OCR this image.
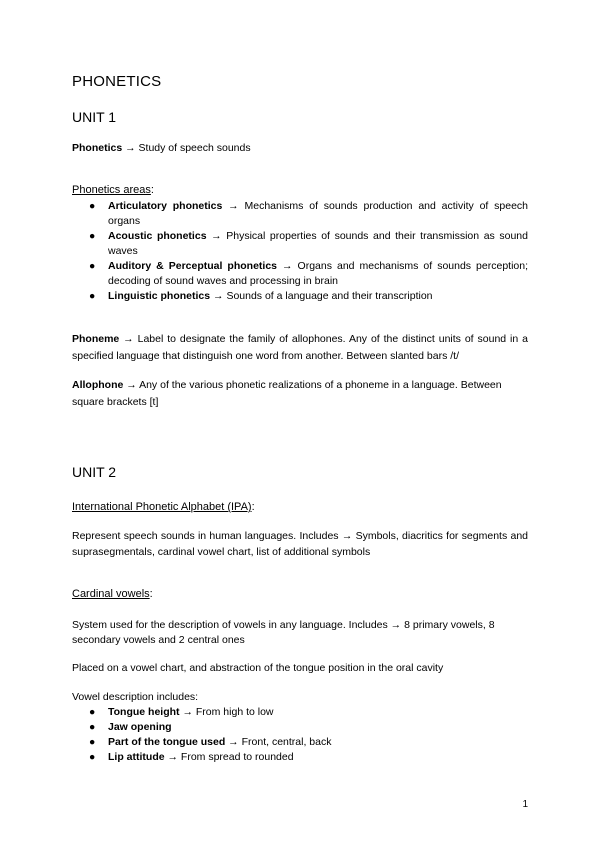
PHONETICS
UNIT 1

Phonetics → Study of speech sounds

Phonetics areas:

● Articulatory phonetics → Mechanisms of sounds production and activity of speech organs
● Acoustic phonetics → Physical properties of sounds and their transmission as sound waves
● Auditory & Perceptual phonetics → Organs and mechanisms of sounds perception; decoding of sound waves and processing in brain
● Linguistic phonetics → Sounds of a language and their transcription

Phoneme → Label to designate the family of allophones. Any of the distinct units of sound in a specified language that distinguish one word from another. Between slanted bars /t/

Allophone → Any of the various phonetic realizations of a phoneme in a language. Between square brackets [t]

UNIT 2

International Phonetic Alphabet (IPA):

Represent speech sounds in human languages. Includes → Symbols, diacritics for segments and suprasegmentals, cardinal vowel chart, list of additional symbols

Cardinal vowels:

System used for the description of vowels in any language. Includes → 8 primary vowels, 8 secondary vowels and 2 central ones

Placed on a vowel chart, and abstraction of the tongue position in the oral cavity

Vowel description includes:

● Tongue height → From high to low
● Jaw opening
● Part of the tongue used → Front, central, back
● Lip attitude → From spread to rounded
1
